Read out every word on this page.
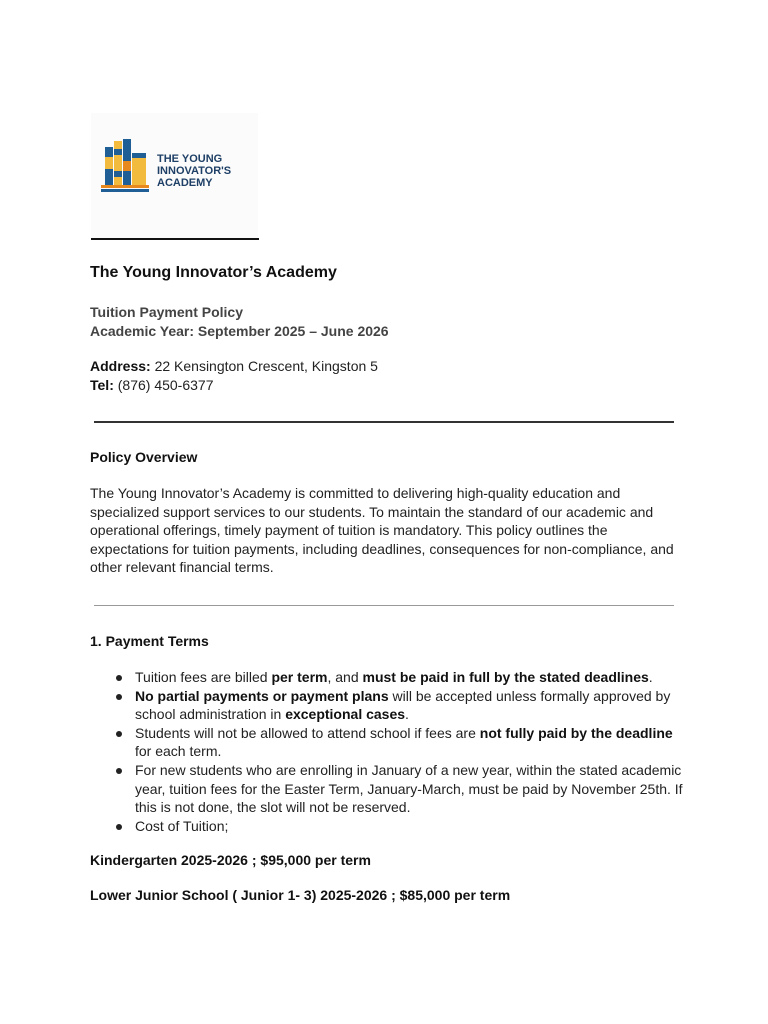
THE YOUNG
INNOVATOR'S
ACADEMY
The Young Innovator’s Academy
Tuition Payment Policy
Academic Year: September 2025 – June 2026
Address: 22 Kensington Crescent, Kingston 5
Tel: (876) 450-6377
Policy Overview
The Young Innovator’s Academy is committed to delivering high-quality education and
specialized support services to our students. To maintain the standard of our academic and
operational offerings, timely payment of tuition is mandatory. This policy outlines the
expectations for tuition payments, including deadlines, consequences for non-compliance, and
other relevant financial terms.
1. Payment Terms
Tuition fees are billed per term, and must be paid in full by the stated deadlines.
No partial payments or payment plans will be accepted unless formally approved by
school administration in exceptional cases.
Students will not be allowed to attend school if fees are not fully paid by the deadline
for each term.
For new students who are enrolling in January of a new year, within the stated academic
year, tuition fees for the Easter Term, January-March, must be paid by November 25th. If
this is not done, the slot will not be reserved.
Cost of Tuition;
Kindergarten 2025-2026 ; $95,000 per term
Lower Junior School ( Junior 1- 3) 2025-2026 ; $85,000 per term
